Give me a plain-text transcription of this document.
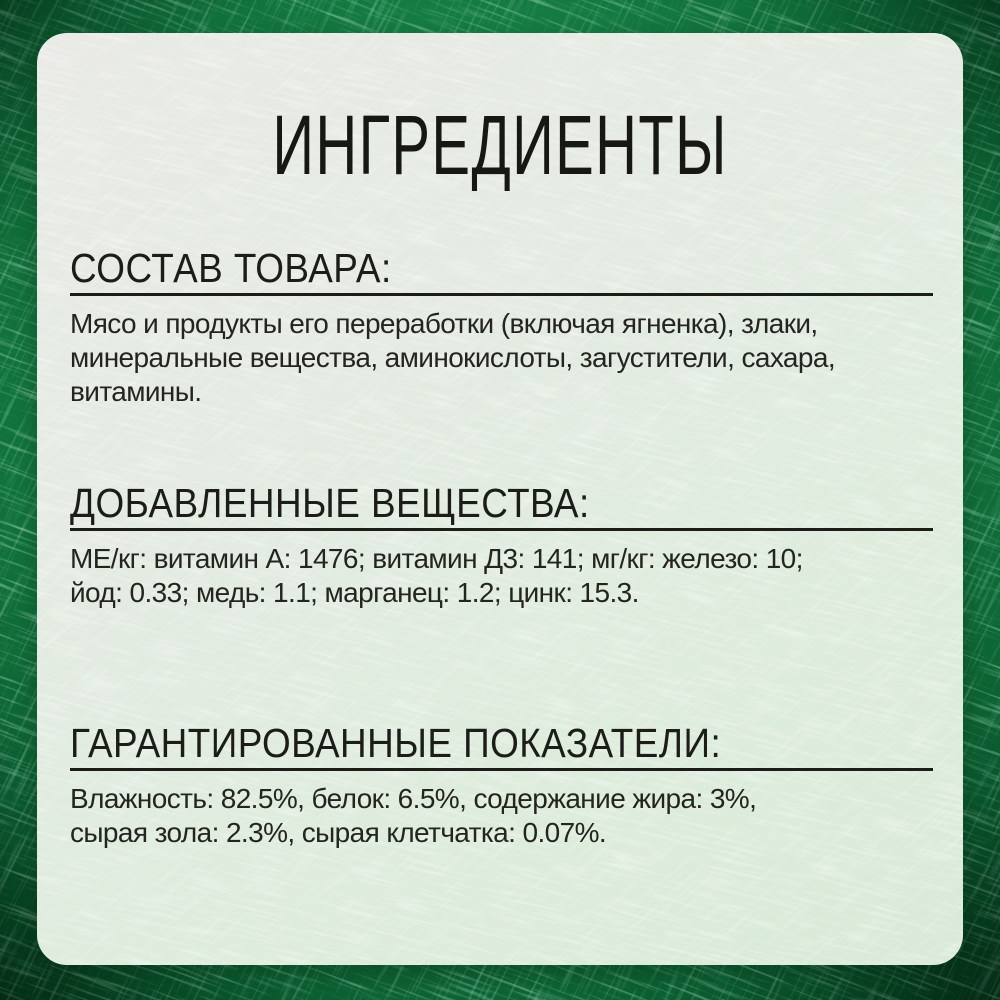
ИНГРЕДИЕНТЫ
СОСТАВ ТОВАРА:

Мясо и продукты его переработки (включая ягненка), злаки,
минеральные вещества, аминокислоты, загустители, сахара,
витамины.

ДОБАВЛЕННЫЕ ВЕЩЕСТВА:

МЕ/кг: витамин А: 1476; витамин Д3: 141; мг/кг: железо: 10;
йод: 0.33; медь: 1.1; марганец: 1.2; цинк: 15.3.

ГАРАНТИРОВАННЫЕ ПОКАЗАТЕЛИ:

Влажность: 82.5%, белок: 6.5%, содержание жира: 3%,
сырая зола: 2.3%, сырая клетчатка: 0.07%.
